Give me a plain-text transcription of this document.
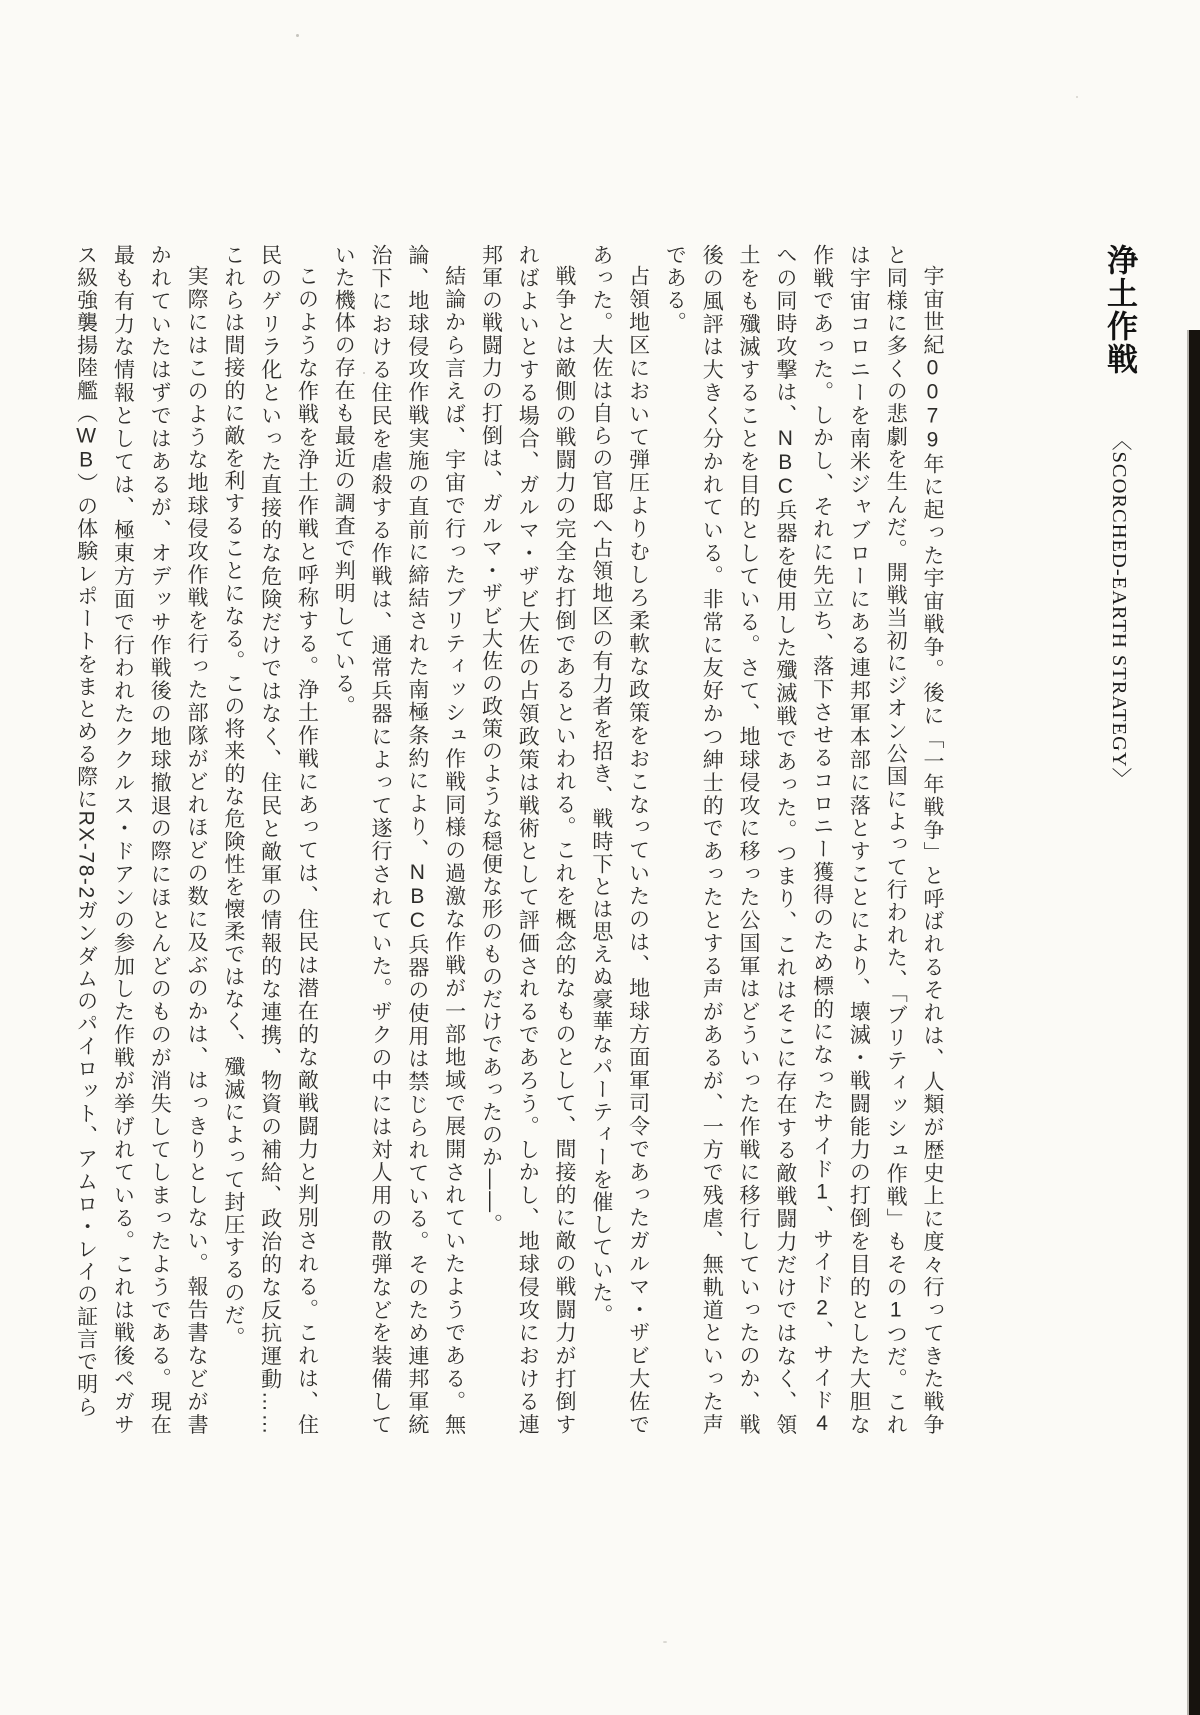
浄土作戦 〈SCORCHED-EARTH STRATEGY〉

宇宙世紀0079年に起った宇宙戦争。後に「一年戦争」と呼ばれるそれは、人類が歴史上に度々行ってきた戦争と同様に多くの悲劇を生んだ。開戦当初にジオン公国によって行われた、「ブリティッシュ作戦」もその1つだ。これは宇宙コロニーを南米ジャブローにある連邦軍本部に落とすことにより、壊滅・戦闘能力の打倒を目的とした大胆な作戦であった。しかし、それに先立ち、落下させるコロニー獲得のため標的になったサイド1、サイド2、サイド4への同時攻撃は、NBC兵器を使用した殲滅戦であった。つまり、これはそこに存在する敵戦闘力だけではなく、領土をも殲滅することを目的としている。さて、地球侵攻に移った公国軍はどういった作戦に移行していったのか、戦後の風評は大きく分かれている。非常に友好かつ紳士的であったとする声があるが、一方で残虐、無軌道といった声である。

占領地区において弾圧よりむしろ柔軟な政策をおこなっていたのは、地球方面軍司令であったガルマ・ザビ大佐であった。大佐は自らの官邸へ占領地区の有力者を招き、戦時下とは思えぬ豪華なパーティーを催していた。

戦争とは敵側の戦闘力の完全な打倒であるといわれる。これを概念的なものとして、間接的に敵の戦闘力が打倒すればよいとする場合、ガルマ・ザビ大佐の占領政策は戦術として評価されるであろう。しかし、地球侵攻における連邦軍の戦闘力の打倒は、ガルマ・ザビ大佐の政策のような穏便な形のものだけであったのか――。

結論から言えば、宇宙で行ったブリティッシュ作戦同様の過激な作戦が一部地域で展開されていたようである。無論、地球侵攻作戦実施の直前に締結された南極条約により、NBC兵器の使用は禁じられている。そのため連邦軍統治下における住民を虐殺する作戦は、通常兵器によって遂行されていた。ザクの中には対人用の散弾などを装備していた機体の存在も最近の調査で判明している。

このような作戦を浄土作戦と呼称する。浄土作戦にあっては、住民は潜在的な敵戦闘力と判別される。これは、住民のゲリラ化といった直接的な危険だけではなく、住民と敵軍の情報的な連携、物資の補給、政治的な反抗運動……これらは間接的に敵を利することになる。この将来的な危険性を懐柔ではなく、殲滅によって封圧するのだ。

実際にはこのような地球侵攻作戦を行った部隊がどれほどの数に及ぶのかは、はっきりとしない。報告書などが書かれていたはずではあるが、オデッサ作戦後の地球撤退の際にほとんどのものが消失してしまったようである。現在最も有力な情報としては、極東方面で行われたククルス・ドアンの参加した作戦が挙げれている。これは戦後ペガサス級強襲揚陸艦（WB）の体験レポートをまとめる際にRX-78-2ガンダムのパイロット、アムロ・レイの証言で明ら
